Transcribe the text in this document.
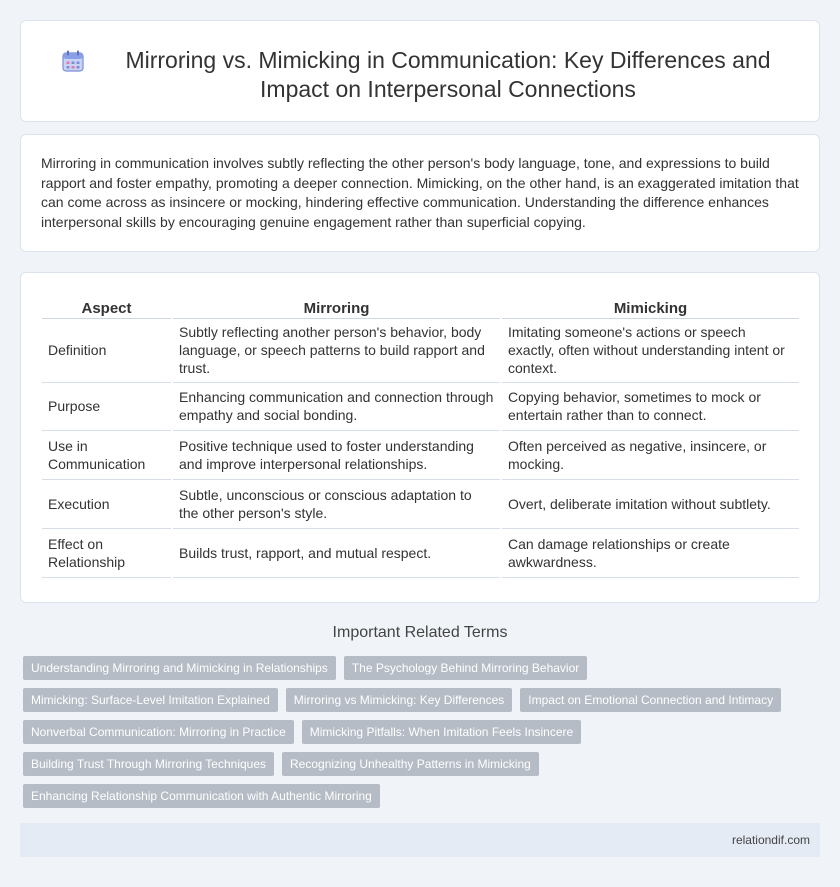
Mirroring vs. Mimicking in Communication: Key Differences and Impact on Interpersonal Connections

Mirroring in communication involves subtly reflecting the other person's body language, tone, and expressions to build rapport and foster empathy, promoting a deeper connection. Mimicking, on the other hand, is an exaggerated imitation that can come across as insincere or mocking, hindering effective communication. Understanding the difference enhances interpersonal skills by encouraging genuine engagement rather than superficial copying.

Aspect	Mirroring	Mimicking
Definition	Subtly reflecting another person's behavior, body language, or speech patterns to build rapport and trust.	Imitating someone's actions or speech exactly, often without understanding intent or context.
Purpose	Enhancing communication and connection through empathy and social bonding.	Copying behavior, sometimes to mock or entertain rather than to connect.
Use in Communication	Positive technique used to foster understanding and improve interpersonal relationships.	Often perceived as negative, insincere, or mocking.
Execution	Subtle, unconscious or conscious adaptation to the other person's style.	Overt, deliberate imitation without subtlety.
Effect on Relationship	Builds trust, rapport, and mutual respect.	Can damage relationships or create awkwardness.
Important Related Terms
Understanding Mirroring and Mimicking in Relationships	The Psychology Behind Mirroring Behavior
Mimicking: Surface-Level Imitation Explained	Mirroring vs Mimicking: Key Differences	Impact on Emotional Connection and Intimacy
Nonverbal Communication: Mirroring in Practice	Mimicking Pitfalls: When Imitation Feels Insincere
Building Trust Through Mirroring Techniques	Recognizing Unhealthy Patterns in Mimicking
Enhancing Relationship Communication with Authentic Mirroring
relationdif.com
